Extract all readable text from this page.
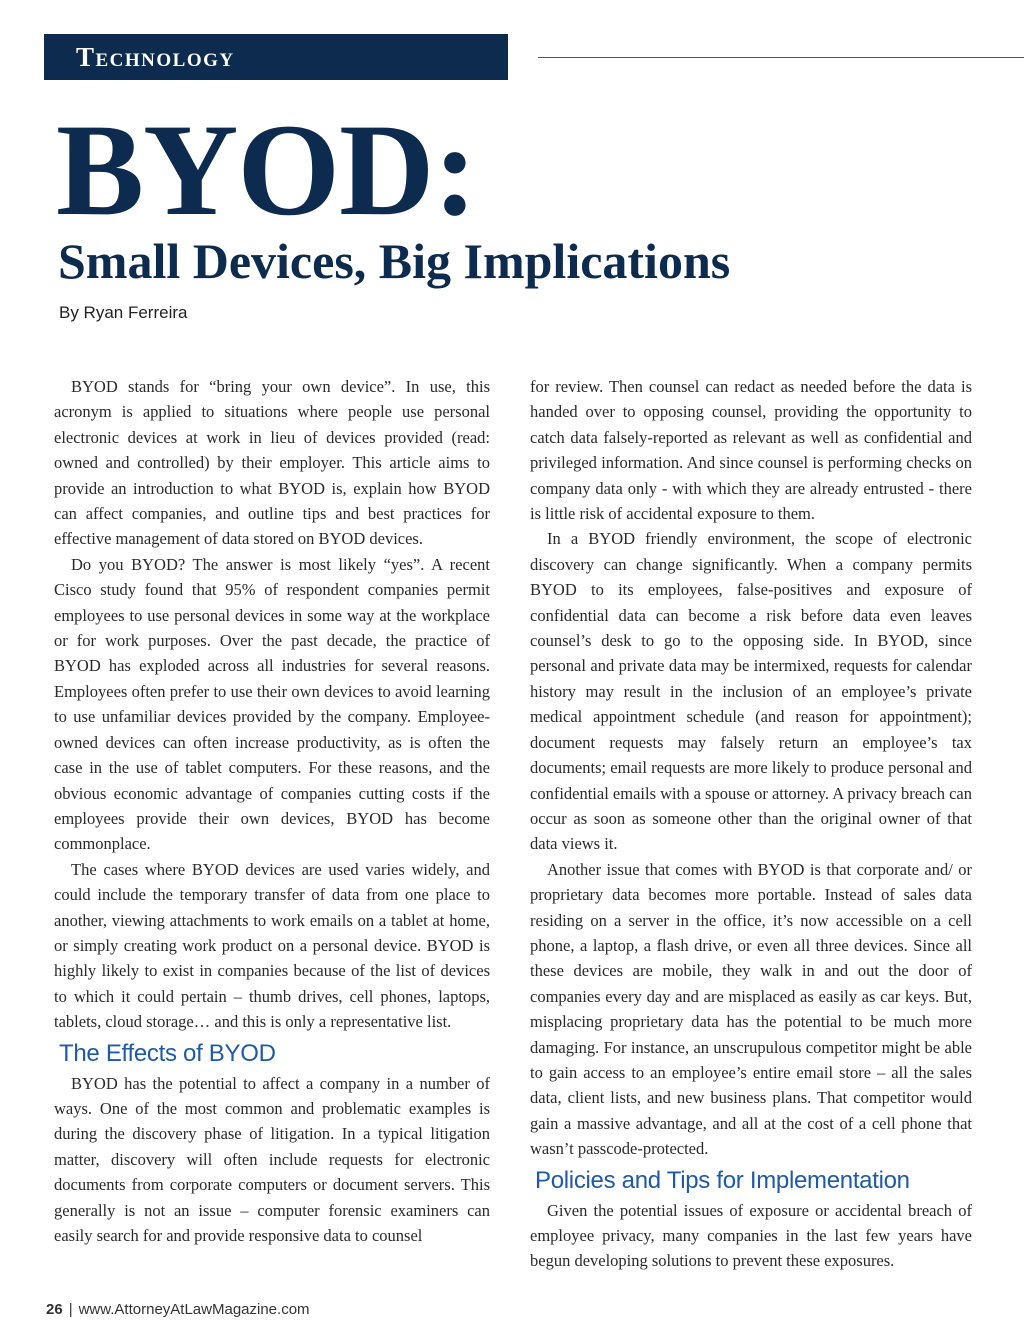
Technology
BYOD:
Small Devices, Big Implications
By Ryan Ferreira

BYOD stands for “bring your own device”. In use, this acronym is applied to situations where people use personal electronic devices at work in lieu of devices provided (read: owned and controlled) by their employer. This article aims to provide an introduction to what BYOD is, explain how BYOD can affect companies, and outline tips and best practices for effective management of data stored on BYOD devices.

Do you BYOD? The answer is most likely “yes”. A recent Cisco study found that 95% of respondent companies permit employees to use personal devices in some way at the workplace or for work purposes. Over the past decade, the practice of BYOD has exploded across all industries for several reasons. Employees often prefer to use their own devices to avoid learning to use unfamiliar devices provided by the company. Employee-owned devices can often increase productivity, as is often the case in the use of tablet computers. For these reasons, and the obvious economic advantage of companies cutting costs if the employees provide their own devices, BYOD has become commonplace.

The cases where BYOD devices are used varies widely, and could include the temporary transfer of data from one place to another, viewing attachments to work emails on a tablet at home, or simply creating work product on a personal device. BYOD is highly likely to exist in companies because of the list of devices to which it could pertain – thumb drives, cell phones, laptops, tablets, cloud storage… and this is only a representative list.

The Effects of BYOD

BYOD has the potential to affect a company in a number of ways. One of the most common and problematic examples is during the discovery phase of litigation. In a typical litigation matter, discovery will often include requests for electronic documents from corporate computers or document servers. This generally is not an issue – computer forensic examiners can easily search for and provide responsive data to counsel

for review. Then counsel can redact as needed before the data is handed over to opposing counsel, providing the opportunity to catch data falsely-reported as relevant as well as confidential and privileged information. And since counsel is performing checks on company data only - with which they are already entrusted - there is little risk of accidental exposure to them.

In a BYOD friendly environment, the scope of electronic discovery can change significantly. When a company permits BYOD to its employees, false-positives and exposure of confidential data can become a risk before data even leaves counsel’s desk to go to the opposing side. In BYOD, since personal and private data may be intermixed, requests for calendar history may result in the inclusion of an employee’s private medical appointment schedule (and reason for appointment); document requests may falsely return an employee’s tax documents; email requests are more likely to produce personal and confidential emails with a spouse or attorney. A privacy breach can occur as soon as someone other than the original owner of that data views it.

Another issue that comes with BYOD is that corporate and/ or proprietary data becomes more portable. Instead of sales data residing on a server in the office, it’s now accessible on a cell phone, a laptop, a flash drive, or even all three devices. Since all these devices are mobile, they walk in and out the door of companies every day and are misplaced as easily as car keys. But, misplacing proprietary data has the potential to be much more damaging. For instance, an unscrupulous competitor might be able to gain access to an employee’s entire email store – all the sales data, client lists, and new business plans. That competitor would gain a massive advantage, and all at the cost of a cell phone that wasn’t passcode-protected.

Policies and Tips for Implementation

Given the potential issues of exposure or accidental breach of employee privacy, many companies in the last few years have begun developing solutions to prevent these exposures.

26 | www.AttorneyAtLawMagazine.com
